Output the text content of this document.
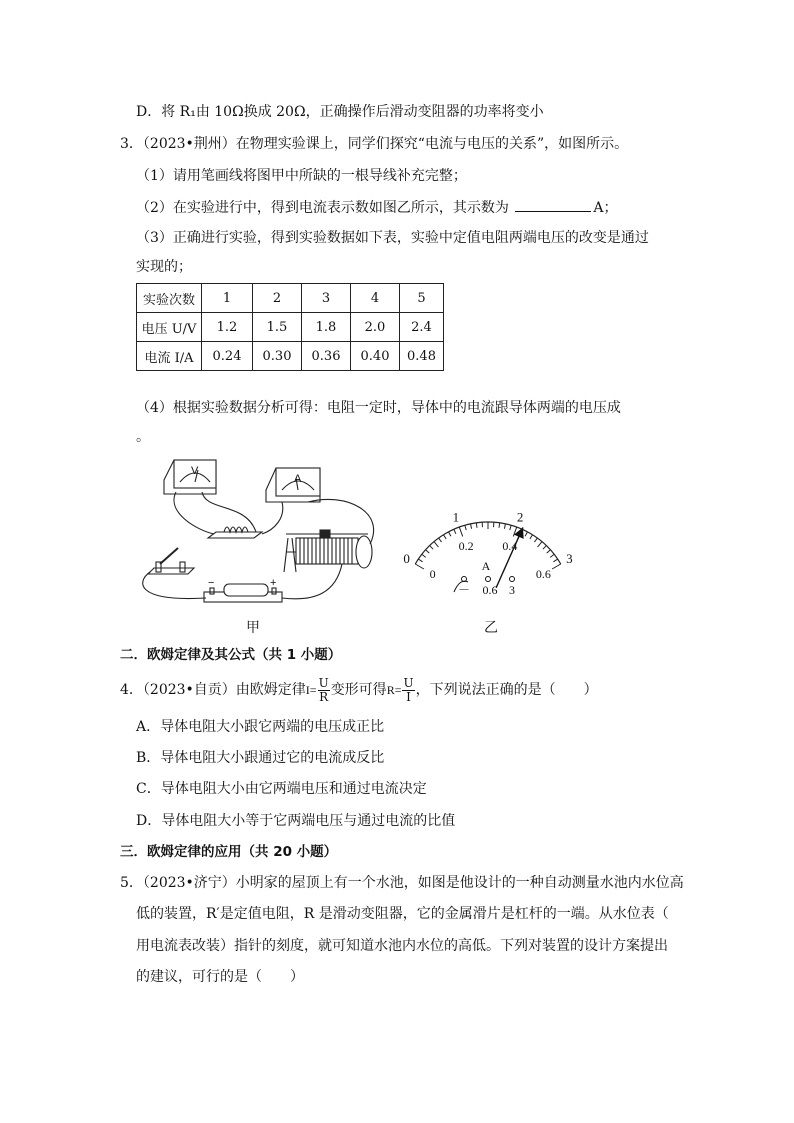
D．将 R₁由 10Ω换成 20Ω，正确操作后滑动变阻器的功率将变小
3．（2023•荆州）在物理实验课上，同学们探究“电流与电压的关系”，如图所示。
（1）请用笔画线将图甲中所缺的一根导线补充完整；
（2）在实验进行中，得到电流表示数如图乙所示，其示数为	A；
（3）正确进行实验，得到实验数据如下表，实验中定值电阻两端电压的改变是通过
实现的；
实验次数	1	2	3	4	5
电压 U/V	1.2	1.5	1.8	2.0	2.4
电流 I/A	0.24	0.30	0.36	0.40	0.48
（4）根据实验数据分析可得：电阻一定时，导体中的电流跟导体两端的电压成
。
V
A
−	+
0
1	2
3
0
0.2 0.4
0.6
A
－ 0.6 3
甲	乙
二．欧姆定律及其公式（共 1 小题）
4．（2023•自贡）由欧姆定律$I= \frac{U}{R}$ 变形可得$R= \frac{U}{I}$ ，下列说法正确的是（　　）
A．导体电阻大小跟它两端的电压成正比
B．导体电阻大小跟通过它的电流成反比
C．导体电阻大小由它两端电压和通过电流决定
D．导体电阻大小等于它两端电压与通过电流的比值
三．欧姆定律的应用（共 20 小题）
5．（2023•济宁）小明家的屋顶上有一个水池，如图是他设计的一种自动测量水池内水位高
低的装置，R′是定值电阻，R 是滑动变阻器，它的金属滑片是杠杆的一端。从水位表（
用电流表改装）指针的刻度，就可知道水池内水位的高低。下列对装置的设计方案提出
的建议，可行的是（　　）
